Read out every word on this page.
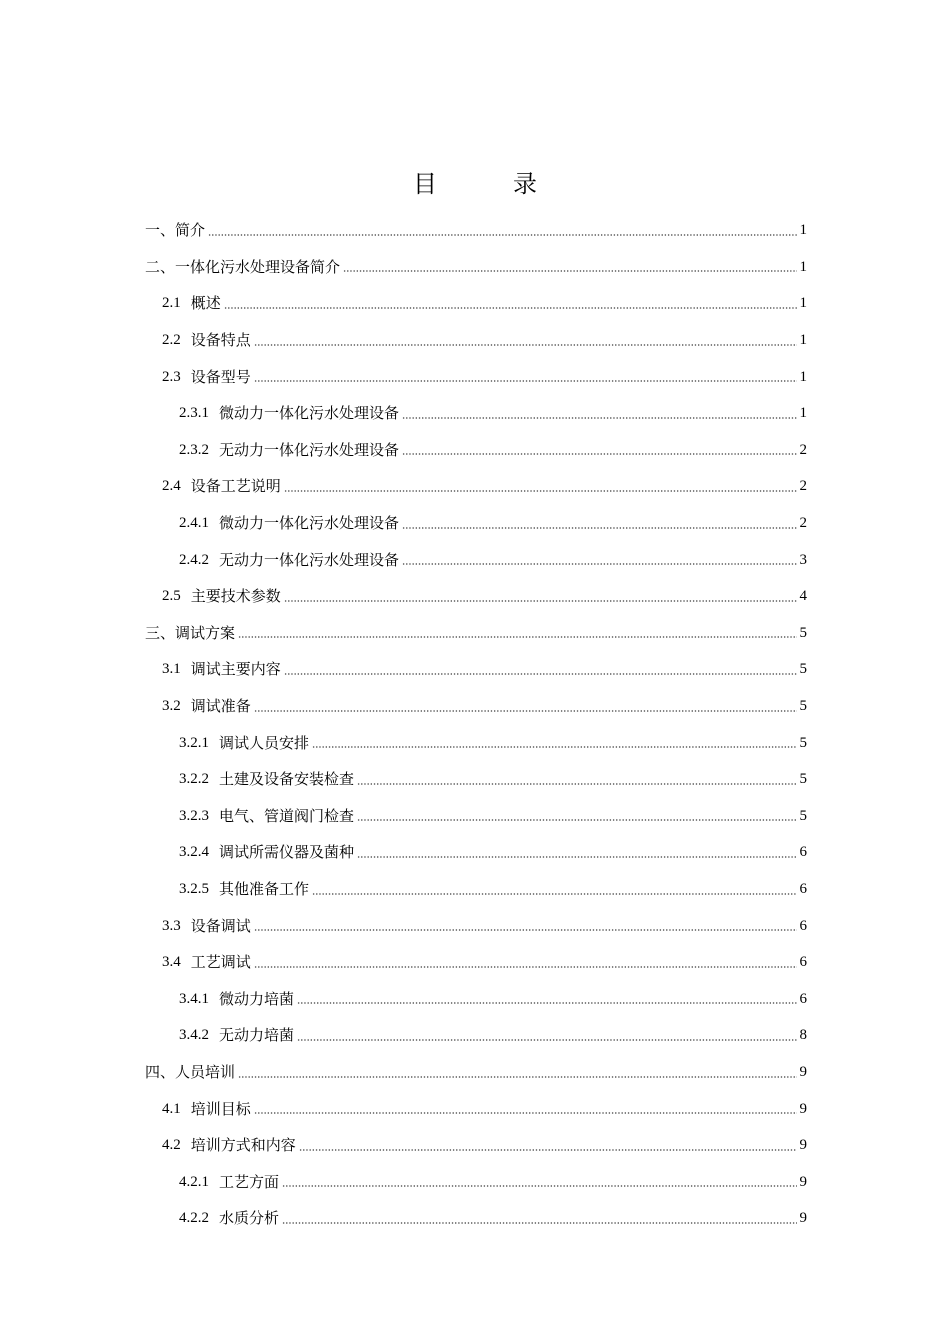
目　录
一、简介	1
二、一体化污水处理设备简介	1
2.1 概述	1
2.2 设备特点	1
2.3 设备型号	1
2.3.1 微动力一体化污水处理设备	1
2.3.2 无动力一体化污水处理设备	2
2.4 设备工艺说明	2
2.4.1 微动力一体化污水处理设备	2
2.4.2 无动力一体化污水处理设备	3
2.5 主要技术参数	4
三、调试方案	5
3.1 调试主要内容	5
3.2 调试准备	5
3.2.1 调试人员安排	5
3.2.2 土建及设备安装检查	5
3.2.3 电气、管道阀门检查	5
3.2.4 调试所需仪器及菌种	6
3.2.5 其他准备工作	6
3.3 设备调试	6
3.4 工艺调试	6
3.4.1 微动力培菌	6
3.4.2 无动力培菌	8
四、人员培训	9
4.1 培训目标	9
4.2 培训方式和内容	9
4.2.1 工艺方面	9
4.2.2 水质分析	9
